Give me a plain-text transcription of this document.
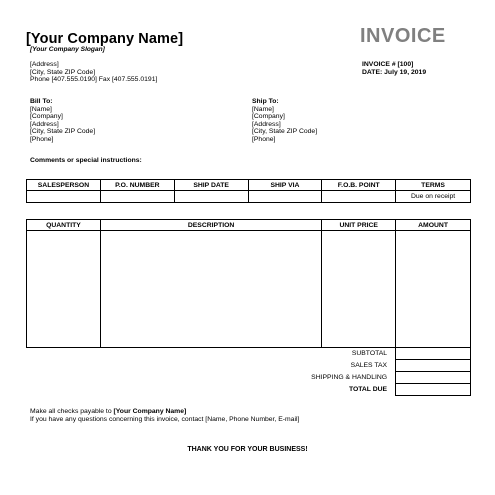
[Your Company Name]
[Your Company Slogan]
INVOICE
[Address]
[City, State ZIP Code]
Phone [407.555.0190] Fax [407.555.0191]
INVOICE # [100]
DATE: July 19, 2019
Bill To:
[Name]
[Company]
[Address]
[City, State ZIP Code]
[Phone]
Ship To:
[Name]
[Company]
[Address]
[City, State ZIP Code]
[Phone]
Comments or special instructions:
SALESPERSON	P.O. NUMBER	SHIP DATE	SHIP VIA	F.O.B. POINT	TERMS
					Due on receipt
QUANTITY	DESCRIPTION	UNIT PRICE	AMOUNT

SUBTOTAL	
SALES TAX	
SHIPPING & HANDLING	
TOTAL DUE	
Make all checks payable to [Your Company Name]
If you have any questions concerning this invoice, contact [Name, Phone Number, E-mail]
THANK YOU FOR YOUR BUSINESS!
